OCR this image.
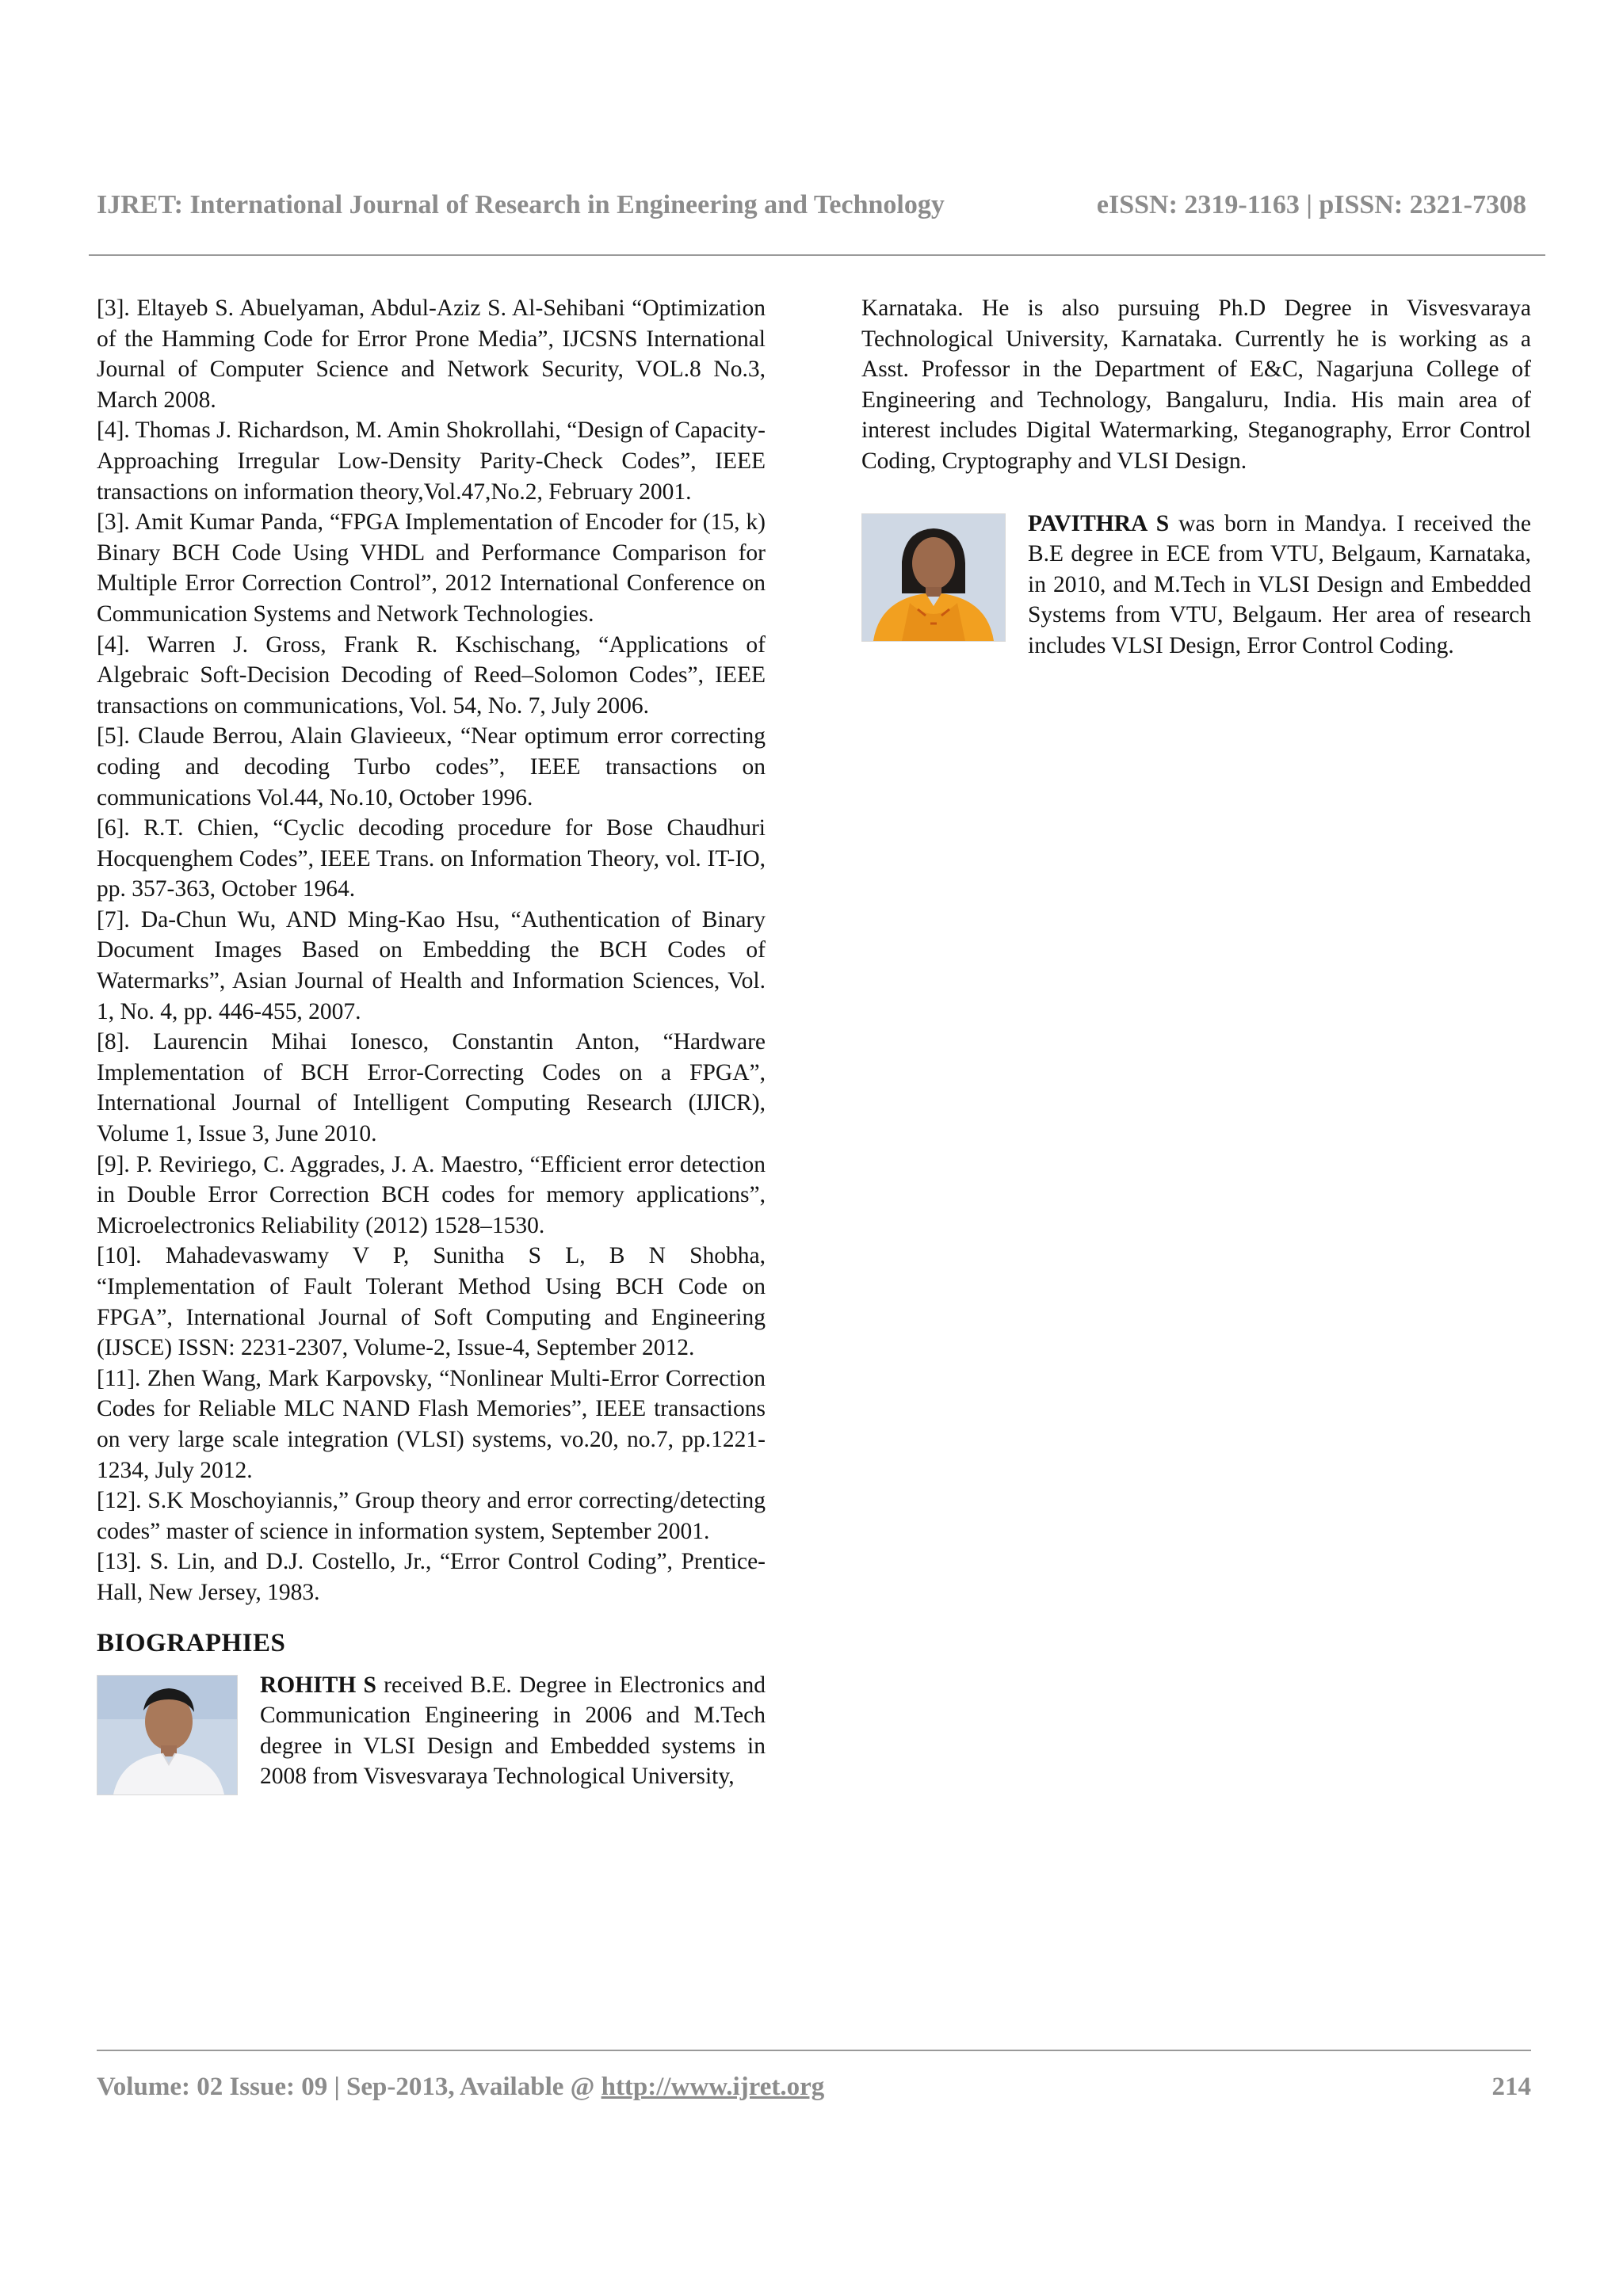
IJRET: International Journal of Research in Engineering and Technology	eISSN: 2319-1163 | pISSN: 2321-7308

[3]. Eltayeb S. Abuelyaman, Abdul-Aziz S. Al-Sehibani “Optimization of the Hamming Code for Error Prone Media”, IJCSNS International Journal of Computer Science and Network Security, VOL.8 No.3, March 2008.

[4]. Thomas J. Richardson, M. Amin Shokrollahi, “Design of Capacity-Approaching Irregular Low-Density Parity-Check Codes”, IEEE transactions on information theory,Vol.47,No.2, February 2001.

[3]. Amit Kumar Panda, “FPGA Implementation of Encoder for (15, k) Binary BCH Code Using VHDL and Performance Comparison for Multiple Error Correction Control”, 2012 International Conference on Communication Systems and Network Technologies.

[4]. Warren J. Gross, Frank R. Kschischang, “Applications of Algebraic Soft-Decision Decoding of Reed–Solomon Codes”, IEEE transactions on communications, Vol. 54, No. 7, July 2006.

[5]. Claude Berrou, Alain Glavieeux, “Near optimum error correcting coding and decoding Turbo codes”, IEEE transactions on communications Vol.44, No.10, October 1996.

[6]. R.T. Chien, “Cyclic decoding procedure for Bose Chaudhuri Hocquenghem Codes”, IEEE Trans. on Information Theory, vol. IT-IO, pp. 357-363, October 1964.

[7]. Da-Chun Wu, AND Ming-Kao Hsu, “Authentication of Binary Document Images Based on Embedding the BCH Codes of Watermarks”, Asian Journal of Health and Information Sciences, Vol. 1, No. 4, pp. 446-455, 2007.

[8]. Laurencin Mihai Ionesco, Constantin Anton, “Hardware Implementation of BCH Error-Correcting Codes on a FPGA”, International Journal of Intelligent Computing Research (IJICR), Volume 1, Issue 3, June 2010.

[9]. P. Reviriego, C. Aggrades, J. A. Maestro, “Efficient error detection in Double Error Correction BCH codes for memory applications”, Microelectronics Reliability (2012) 1528–1530.

[10]. Mahadevaswamy V P, Sunitha S L, B N Shobha, “Implementation of Fault Tolerant Method Using BCH Code on FPGA”, International Journal of Soft Computing and Engineering (IJSCE) ISSN: 2231-2307, Volume-2, Issue-4, September 2012.

[11]. Zhen Wang, Mark Karpovsky, “Nonlinear Multi-Error Correction Codes for Reliable MLC NAND Flash Memories”, IEEE transactions on very large scale integration (VLSI) systems, vo.20, no.7, pp.1221-1234, July 2012.

[12]. S.K Moschoyiannis,” Group theory and error correcting/detecting codes” master of science in information system, September 2001.

[13]. S. Lin, and D.J. Costello, Jr., “Error Control Coding”, Prentice-Hall, New Jersey, 1983.

BIOGRAPHIES
ROHITH S received B.E. Degree in Electronics and Communication Engineering in 2006 and M.Tech degree in VLSI Design and Embedded systems in 2008 from Visvesvaraya Technological University,

Karnataka. He is also pursuing Ph.D Degree in Visvesvaraya Technological University, Karnataka. Currently he is working as a Asst. Professor in the Department of E&C, Nagarjuna College of Engineering and Technology, Bangaluru, India. His main area of interest includes Digital Watermarking, Steganography, Error Control Coding, Cryptography and VLSI Design.

PAVITHRA S was born in Mandya. I received the B.E degree in ECE from VTU, Belgaum, Karnataka, in 2010, and M.Tech in VLSI Design and Embedded Systems from VTU, Belgaum. Her area of research includes VLSI Design, Error Control Coding.
Volume: 02 Issue: 09 | Sep-2013, Available @ http://www.ijret.org	214
